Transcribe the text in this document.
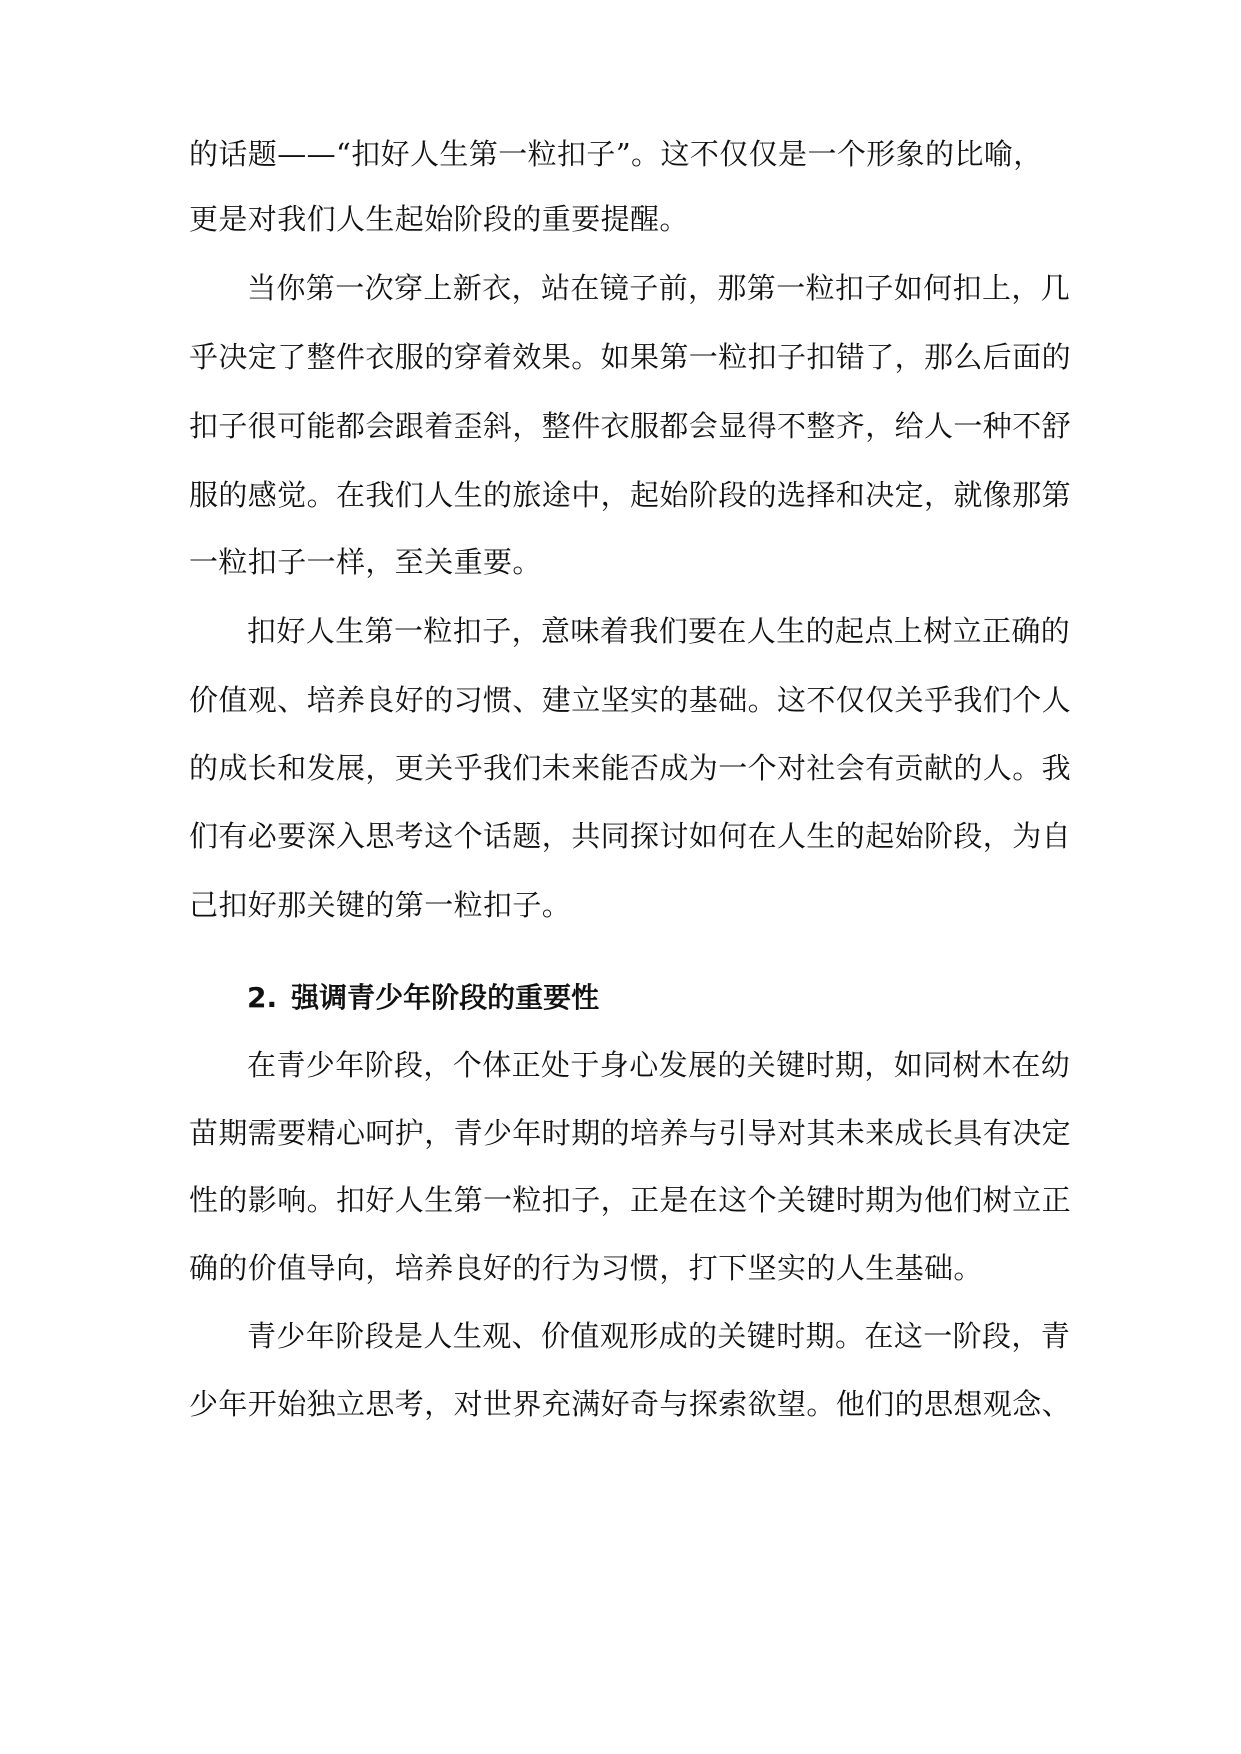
的话题——“扣好人生第一粒扣子”。这不仅仅是一个形象的比喻，

更是对我们人生起始阶段的重要提醒。

当你第一次穿上新衣，站在镜子前，那第一粒扣子如何扣上，几

乎决定了整件衣服的穿着效果。如果第一粒扣子扣错了，那么后面的

扣子很可能都会跟着歪斜，整件衣服都会显得不整齐，给人一种不舒

服的感觉。在我们人生的旅途中，起始阶段的选择和决定，就像那第

一粒扣子一样，至关重要。

扣好人生第一粒扣子，意味着我们要在人生的起点上树立正确的

价值观、培养良好的习惯、建立坚实的基础。这不仅仅关乎我们个人

的成长和发展，更关乎我们未来能否成为一个对社会有贡献的人。我

们有必要深入思考这个话题，共同探讨如何在人生的起始阶段，为自

己扣好那关键的第一粒扣子。

2. 强调青少年阶段的重要性

在青少年阶段，个体正处于身心发展的关键时期，如同树木在幼

苗期需要精心呵护，青少年时期的培养与引导对其未来成长具有决定

性的影响。扣好人生第一粒扣子，正是在这个关键时期为他们树立正

确的价值导向，培养良好的行为习惯，打下坚实的人生基础。

青少年阶段是人生观、价值观形成的关键时期。在这一阶段，青

少年开始独立思考，对世界充满好奇与探索欲望。他们的思想观念、
